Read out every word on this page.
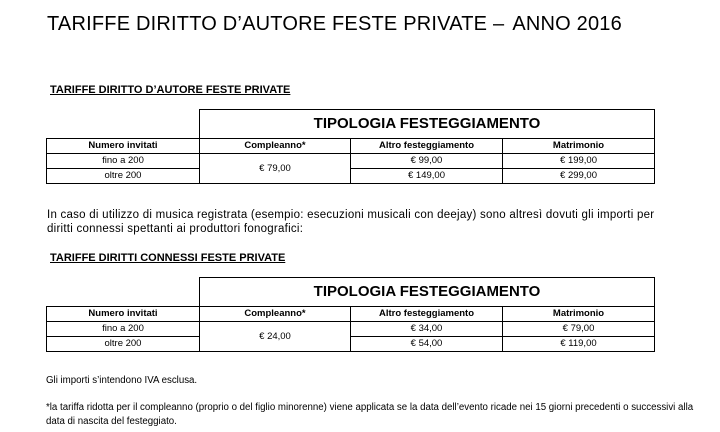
TARIFFE DIRITTO D’AUTORE FESTE PRIVATE – ANNO 2016
TARIFFE DIRITTO D’AUTORE FESTE PRIVATE
	TIPOLOGIA FESTEGGIAMENTO		
Numero invitati	Compleanno*	Altro festeggiamento	Matrimonio
fino a 200	€ 79,00	€ 99,00	€ 199,00
oltre 200		€ 149,00	€ 299,00
In caso di utilizzo di musica registrata (esempio: esecuzioni musicali con deejay) sono altresì dovuti gli importi per diritti connessi spettanti ai produttori fonografici:
TARIFFE DIRITTI CONNESSI FESTE PRIVATE
	TIPOLOGIA FESTEGGIAMENTO		
Numero invitati	Compleanno*	Altro festeggiamento	Matrimonio
fino a 200	€ 24,00	€ 34,00	€ 79,00
oltre 200		€ 54,00	€ 119,00
Gli importi s’intendono IVA esclusa.
*la tariffa ridotta per il compleanno (proprio o del figlio minorenne) viene applicata se la data dell’evento ricade nei 15 giorni precedenti o successivi alla data di nascita del festeggiato.
